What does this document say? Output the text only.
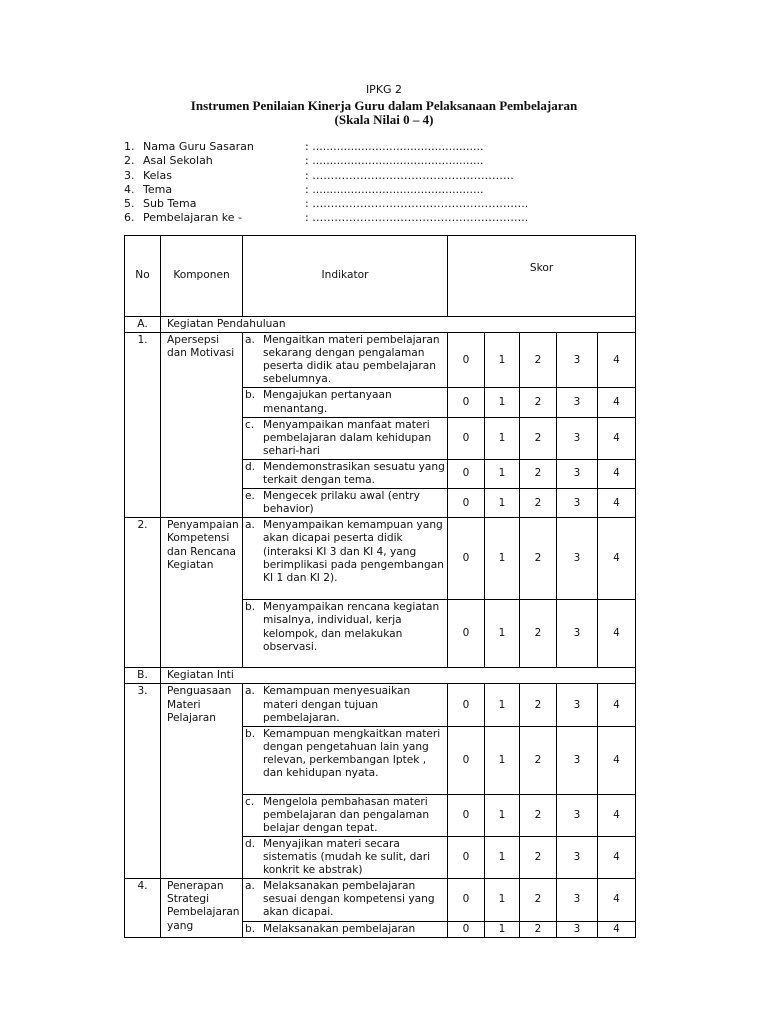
IPKG 2
Instrumen Penilaian Kinerja Guru dalam Pelaksanaan Pembelajaran
(Skala Nilai 0 – 4)
1. Nama Guru Sasaran	: .................................................
2. Asal Sekolah	: .................................................
3. Kelas	: ……………………………………………….
4. Tema	: .................................................
5. Sub Tema	: …………………………………………………..
6. Pembelajaran ke -	: …………………………………………………..
No	Komponen	Indikator	Skor				
A.	Kegiatan Pendahuluan						
1.	Apersepsi dan Motivasi	a. Mengaitkan materi pembelajaran sekarang dengan pengalaman peserta didik atau pembelajaran sebelumnya.	0	1	2	3	4

		b. Mengajukan pertanyaan menantang.	0	1	2	3	4

		c. Menyampaikan manfaat materi pembelajaran dalam kehidupan sehari-hari	0	1	2	3	4

		d. Mendemonstrasikan sesuatu yang terkait dengan tema.	0	1	2	3	4

		e. Mengecek prilaku awal (entry behavior)	0	1	2	3	4
2.	Penyampaian Kompetensi dan Rencana Kegiatan	a. Menyampaikan kemampuan yang akan dicapai peserta didik (interaksi KI 3 dan KI 4, yang berimplikasi pada pengembangan KI 1 dan KI 2).	0	1	2	3	4

		b. Menyampaikan rencana kegiatan misalnya, individual, kerja kelompok, dan melakukan observasi.	0	1	2	3	4
B.	Kegiatan Inti						
3.	Penguasaan Materi Pelajaran	a. Kemampuan menyesuaikan materi dengan tujuan pembelajaran.	0	1	2	3	4

		b. Kemampuan mengkaitkan materi dengan pengetahuan lain yang relevan, perkembangan Iptek , dan kehidupan nyata.	0	1	2	3	4

		c. Mengelola pembahasan materi pembelajaran dan pengalaman belajar dengan tepat.	0	1	2	3	4

		d. Menyajikan materi secara sistematis (mudah ke sulit, dari konkrit ke abstrak)	0	1	2	3	4
4.	Penerapan Strategi Pembelajaran yang	a. Melaksanakan pembelajaran sesuai dengan kompetensi yang akan dicapai.	0	1	2	3	4

		b. Melaksanakan pembelajaran	0	1	2	3	4
